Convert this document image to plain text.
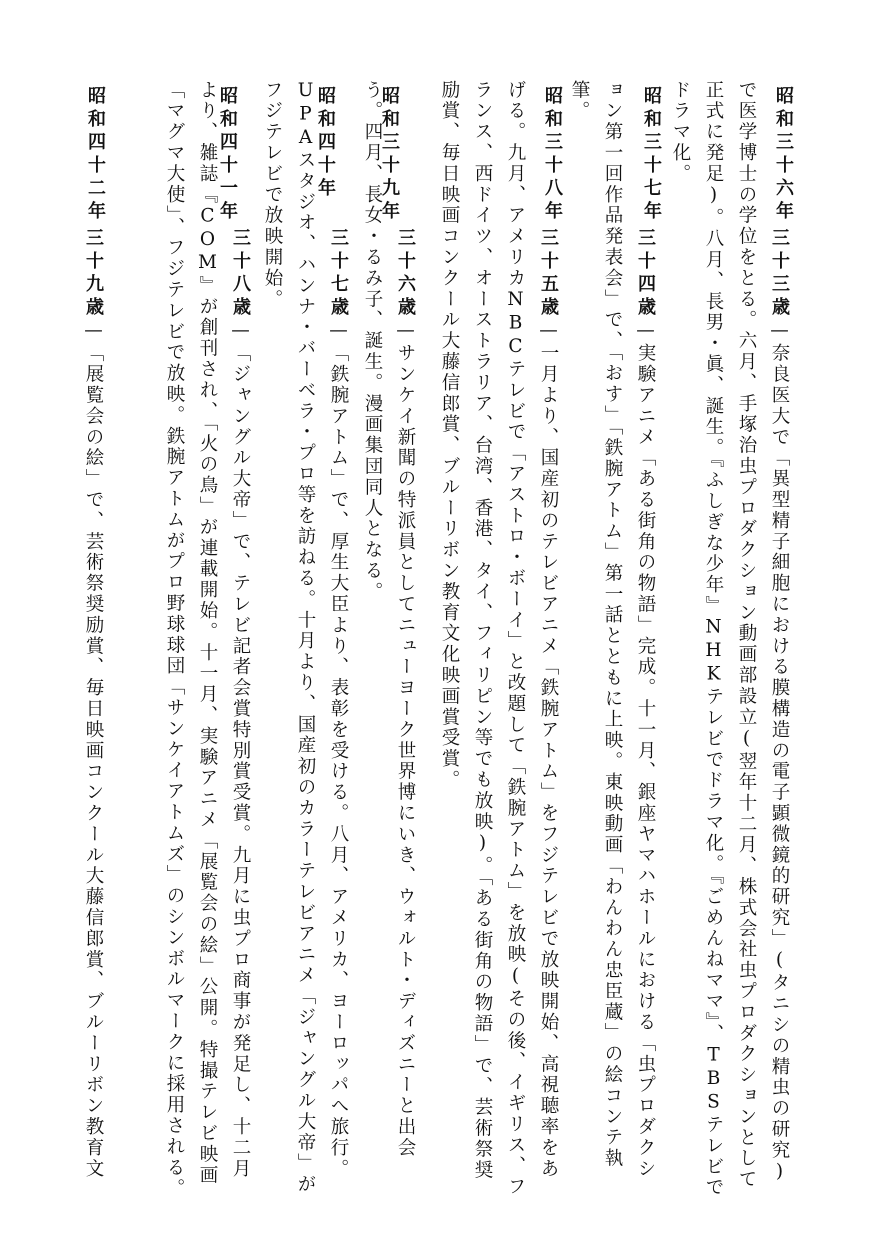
昭和三十六年
三十三歳—奈良医大で「異型精子細胞における膜構造の電子顕微鏡的研究」(タニシの精虫の研究)で医学博士の学位をとる。六月、手塚治虫プロダクション動画部設立(翌年十二月、株式会社虫プロダクションとして正式に発足)。八月、長男・眞、誕生。『ふしぎな少年』NHKテレビでドラマ化。『ごめんねママ』、TBSテレビでドラマ化。
昭和三十七年
三十四歳—実験アニメ「ある街角の物語」完成。十一月、銀座ヤマハホールにおける「虫プロダクション第一回作品発表会」で、「おす」「鉄腕アトム」第一話とともに上映。東映動画「わんわん忠臣蔵」の絵コンテ執筆。
昭和三十八年
三十五歳—一月より、国産初のテレビアニメ「鉄腕アトム」をフジテレビで放映開始、高視聴率をあげる。九月、アメリカNBCテレビで「アストロ・ボーイ」と改題して「鉄腕アトム」を放映(その後、イギリス、フランス、西ドイツ、オーストラリア、台湾、香港、タイ、フィリピン等でも放映)。「ある街角の物語」で、芸術祭奨励賞、毎日映画コンクール大藤信郎賞、ブルーリボン教育文化映画賞受賞。
昭和三十九年
三十六歳—サンケイ新聞の特派員としてニューヨーク世界博にいき、ウォルト・ディズニーと出会う。四月、長女・るみ子、誕生。漫画集団同人となる。
昭和四十年
三十七歳—「鉄腕アトム」で、厚生大臣より、表彰を受ける。八月、アメリカ、ヨーロッパへ旅行。UPAスタジオ、ハンナ・バーベラ・プロ等を訪ねる。十月より、国産初のカラーテレビアニメ「ジャングル大帝」がフジテレビで放映開始。
昭和四十一年
三十八歳—「ジャングル大帝」で、テレビ記者会賞特別賞受賞。九月に虫プロ商事が発足し、十二月より、雑誌『COM』が創刊され、「火の鳥」が連載開始。十一月、実験アニメ「展覧会の絵」公開。特撮テレビ映画「マグマ大使」、フジテレビで放映。鉄腕アトムがプロ野球球団「サンケイアトムズ」のシンボルマークに採用される。
昭和四十二年
三十九歳—「展覧会の絵」で、芸術祭奨励賞、毎日映画コンクール大藤信郎賞、ブルーリボン教育文
